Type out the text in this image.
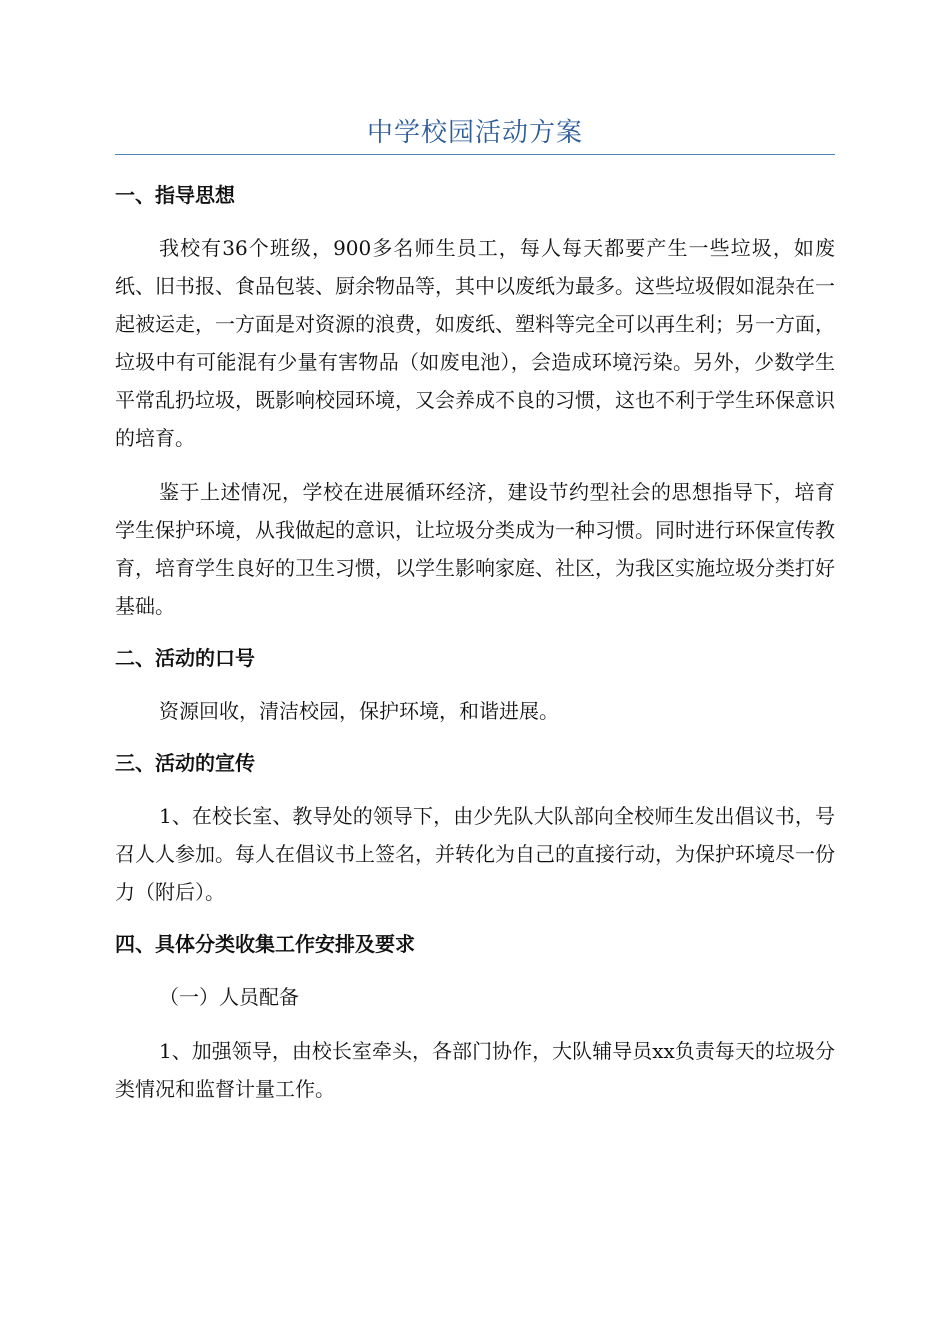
中学校园活动方案
一、指导思想

我校有36个班级，900多名师生员工，每人每天都要产生一些垃圾，如废纸、旧书报、食品包装、厨余物品等，其中以废纸为最多。这些垃圾假如混杂在一起被运走，一方面是对资源的浪费，如废纸、塑料等完全可以再生利；另一方面，垃圾中有可能混有少量有害物品（如废电池），会造成环境污染。另外，少数学生平常乱扔垃圾，既影响校园环境，又会养成不良的习惯，这也不利于学生环保意识的培育。

鉴于上述情况，学校在进展循环经济，建设节约型社会的思想指导下，培育学生保护环境，从我做起的意识，让垃圾分类成为一种习惯。同时进行环保宣传教育，培育学生良好的卫生习惯，以学生影响家庭、社区，为我区实施垃圾分类打好基础。

二、活动的口号

资源回收，清洁校园，保护环境，和谐进展。

三、活动的宣传

1、在校长室、教导处的领导下，由少先队大队部向全校师生发出倡议书，号召人人参加。每人在倡议书上签名，并转化为自己的直接行动，为保护环境尽一份力（附后）。

四、具体分类收集工作安排及要求

（一）人员配备

1、加强领导，由校长室牵头，各部门协作，大队辅导员xx负责每天的垃圾分类情况和监督计量工作。
